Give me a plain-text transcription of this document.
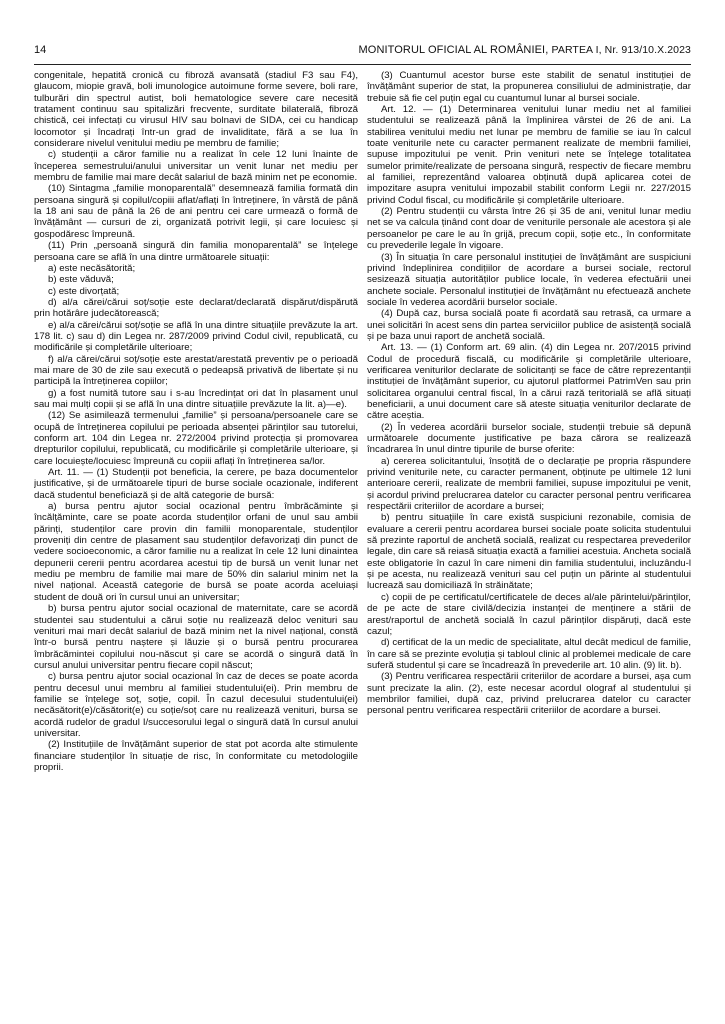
14	MONITORUL OFICIAL AL ROMÂNIEI, PARTEA I, Nr. 913/10.X.2023

congenitale, hepatită cronică cu fibroză avansată (stadiul F3 sau F4), glaucom, miopie gravă, boli imunologice autoimune forme severe, boli rare, tulburări din spectrul autist, boli hematologice severe care necesită tratament continuu sau spitalizări frecvente, surditate bilaterală, fibroză chistică, cei infectați cu virusul HIV sau bolnavi de SIDA, cei cu handicap locomotor și încadrați într-un grad de invaliditate, fără a se lua în considerare nivelul venitului mediu pe membru de familie;

c) studenții a căror familie nu a realizat în cele 12 luni înainte de începerea semestrului/anului universitar un venit lunar net mediu per membru de familie mai mare decât salariul de bază minim net pe economie.

(10) Sintagma „familie monoparentală” desemnează familia formată din persoana singură și copilul/copiii aflat/aflați în întreținere, în vârstă de până la 18 ani sau de până la 26 de ani pentru cei care urmează o formă de învățământ — cursuri de zi, organizată potrivit legii, și care locuiesc și gospodăresc împreună.

(11) Prin „persoană singură din familia monoparentală” se înțelege persoana care se află în una dintre următoarele situații:

a) este necăsătorită;

b) este văduvă;

c) este divorțată;

d) al/a cărei/cărui soț/soție este declarat/declarată dispărut/dispărută prin hotărâre judecătorească;

e) al/a cărei/cărui soț/soție se află în una dintre situațiile prevăzute la art. 178 lit. c) sau d) din Legea nr. 287/2009 privind Codul civil, republicată, cu modificările și completările ulterioare;

f) al/a cărei/cărui soț/soție este arestat/arestată preventiv pe o perioadă mai mare de 30 de zile sau execută o pedeapsă privativă de libertate și nu participă la întreținerea copiilor;

g) a fost numită tutore sau i s-au încredințat ori dat în plasament unul sau mai mulți copii și se află în una dintre situațiile prevăzute la lit. a)—e).

(12) Se asimilează termenului „familie” și persoana/persoanele care se ocupă de întreținerea copilului pe perioada absenței părinților sau tutorelui, conform art. 104 din Legea nr. 272/2004 privind protecția și promovarea drepturilor copilului, republicată, cu modificările și completările ulterioare, și care locuiește/locuiesc împreună cu copiii aflați în întreținerea sa/lor.

Art. 11. — (1) Studenții pot beneficia, la cerere, pe baza documentelor justificative, și de următoarele tipuri de burse sociale ocazionale, indiferent dacă studentul beneficiază și de altă categorie de bursă:

a) bursa pentru ajutor social ocazional pentru îmbrăcăminte și încălțăminte, care se poate acorda studenților orfani de unul sau ambii părinți, studenților care provin din familii monoparentale, studenților proveniți din centre de plasament sau studenților defavorizați din punct de vedere socioeconomic, a căror familie nu a realizat în cele 12 luni dinaintea depunerii cererii pentru acordarea acestui tip de bursă un venit lunar net mediu pe membru de familie mai mare de 50% din salariul minim net la nivel național. Această categorie de bursă se poate acorda aceluiași student de două ori în cursul unui an universitar;

b) bursa pentru ajutor social ocazional de maternitate, care se acordă studentei sau studentului a cărui soție nu realizează deloc venituri sau venituri mai mari decât salariul de bază minim net la nivel național, constă într-o bursă pentru naștere și lăuzie și o bursă pentru procurarea îmbrăcămintei copilului nou-născut și care se acordă o singură dată în cursul anului universitar pentru fiecare copil născut;

c) bursa pentru ajutor social ocazional în caz de deces se poate acorda pentru decesul unui membru al familiei studentului(ei). Prin membru de familie se înțelege soț, soție, copil. În cazul decesului studentului(ei) necăsătorit(e)/căsătorit(e) cu soție/soț care nu realizează venituri, bursa se acordă rudelor de gradul I/succesorului legal o singură dată în cursul anului universitar.

(2) Instituțiile de învățământ superior de stat pot acorda alte stimulente financiare studenților în situație de risc, în conformitate cu metodologiile proprii.

(3) Cuantumul acestor burse este stabilit de senatul instituției de învățământ superior de stat, la propunerea consiliului de administrație, dar trebuie să fie cel puțin egal cu cuantumul lunar al bursei sociale.

Art. 12. — (1) Determinarea venitului lunar mediu net al familiei studentului se realizează până la împlinirea vârstei de 26 de ani. La stabilirea venitului mediu net lunar pe membru de familie se iau în calcul toate veniturile nete cu caracter permanent realizate de membrii familiei, supuse impozitului pe venit. Prin venituri nete se înțelege totalitatea sumelor primite/realizate de persoana singură, respectiv de fiecare membru al familiei, reprezentând valoarea obținută după aplicarea cotei de impozitare asupra venitului impozabil stabilit conform Legii nr. 227/2015 privind Codul fiscal, cu modificările și completările ulterioare.

(2) Pentru studenții cu vârsta între 26 și 35 de ani, venitul lunar mediu net se va calcula ținând cont doar de veniturile personale ale acestora și ale persoanelor pe care le au în grijă, precum copii, soție etc., în conformitate cu prevederile legale în vigoare.

(3) În situația în care personalul instituției de învățământ are suspiciuni privind îndeplinirea condițiilor de acordare a bursei sociale, rectorul sesizează situația autorităților publice locale, în vederea efectuării unei anchete sociale. Personalul instituției de învățământ nu efectuează anchete sociale în vederea acordării burselor sociale.

(4) După caz, bursa socială poate fi acordată sau retrasă, ca urmare a unei solicitări în acest sens din partea serviciilor publice de asistență socială și pe baza unui raport de anchetă socială.

Art. 13. — (1) Conform art. 69 alin. (4) din Legea nr. 207/2015 privind Codul de procedură fiscală, cu modificările și completările ulterioare, verificarea veniturilor declarate de solicitanți se face de către reprezentanții instituției de învățământ superior, cu ajutorul platformei PatrimVen sau prin solicitarea organului central fiscal, în a cărui rază teritorială se află situați beneficiarii, a unui document care să ateste situația veniturilor declarate de către aceștia.

(2) În vederea acordării burselor sociale, studenții trebuie să depună următoarele documente justificative pe baza cărora se realizează încadrarea în unul dintre tipurile de burse oferite:

a) cererea solicitantului, însoțită de o declarație pe propria răspundere privind veniturile nete, cu caracter permanent, obținute pe ultimele 12 luni anterioare cererii, realizate de membrii familiei, supuse impozitului pe venit, și acordul privind prelucrarea datelor cu caracter personal pentru verificarea respectării criteriilor de acordare a bursei;

b) pentru situațiile în care există suspiciuni rezonabile, comisia de evaluare a cererii pentru acordarea bursei sociale poate solicita studentului să prezinte raportul de anchetă socială, realizat cu respectarea prevederilor legale, din care să reiasă situația exactă a familiei acestuia. Ancheta socială este obligatorie în cazul în care nimeni din familia studentului, incluzându-l și pe acesta, nu realizează venituri sau cel puțin un părinte al studentului lucrează sau domiciliază în străinătate;

c) copii de pe certificatul/certificatele de deces al/ale părintelui/părinților, de pe acte de stare civilă/decizia instanței de menținere a stării de arest/raportul de anchetă socială în cazul părinților dispăruți, dacă este cazul;

d) certificat de la un medic de specialitate, altul decât medicul de familie, în care să se prezinte evoluția și tabloul clinic al problemei medicale de care suferă studentul și care se încadrează în prevederile art. 10 alin. (9) lit. b).

(3) Pentru verificarea respectării criteriilor de acordare a bursei, așa cum sunt precizate la alin. (2), este necesar acordul olograf al studentului și membrilor familiei, după caz, privind prelucrarea datelor cu caracter personal pentru verificarea respectării criteriilor de acordare a bursei.
